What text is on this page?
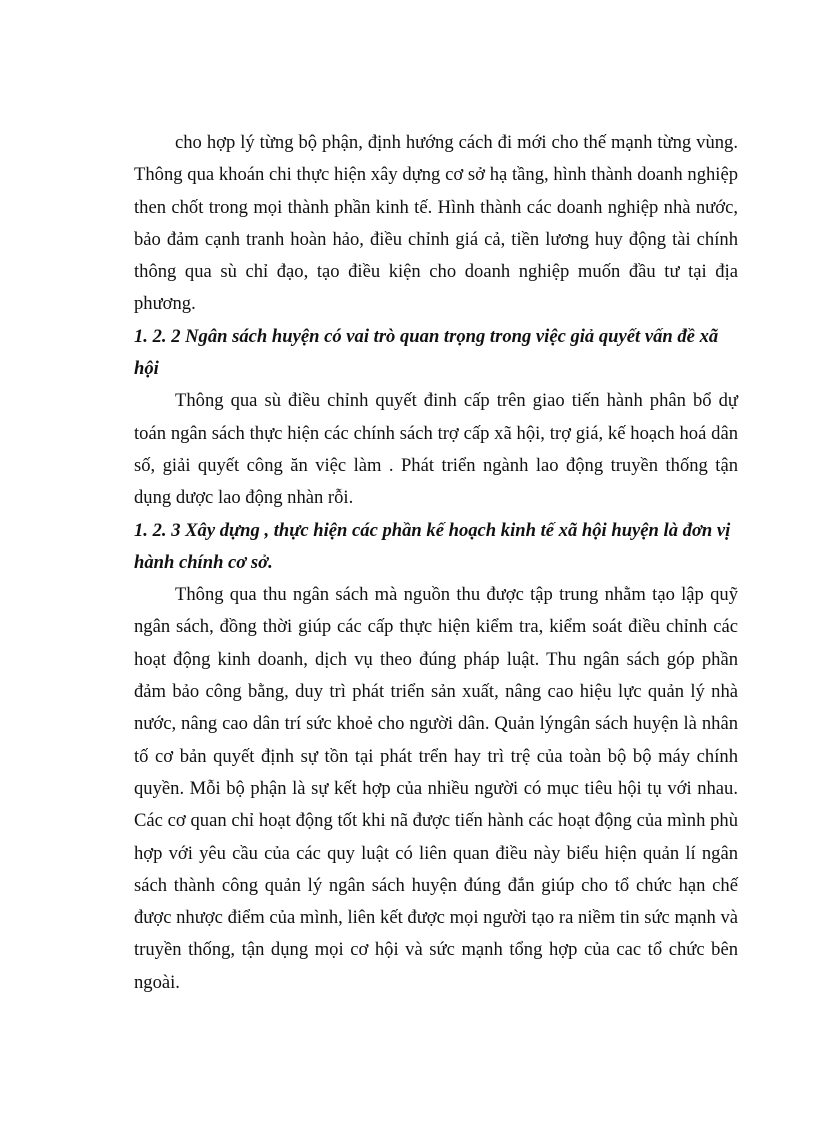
cho hợp lý từng bộ phận, định hướng cách đi mới cho thế mạnh từng vùng. Thông qua khoán chi thực hiện xây dựng cơ sở hạ tầng, hình thành doanh nghiệp then chốt trong mọi thành phần kinh tế. Hình thành các doanh nghiệp nhà nước, bảo đảm cạnh tranh hoàn hảo, điều chỉnh giá cả, tiền lương huy động tài chính thông qua sù chỉ đạo, tạo điều kiện cho doanh nghiệp muốn đầu tư tại địa phương.

1. 2. 2 Ngân sách huyện có vai trò quan trọng trong việc giả quyết vấn đề xã hội

Thông qua sù điều chỉnh quyết đinh cấp trên giao tiến hành phân bổ dự toán ngân sách thực hiện các chính sách trợ cấp xã hội, trợ giá, kế hoạch hoá dân số, giải quyết công ăn việc làm . Phát triển ngành lao động truyền thống tận dụng dược lao động nhàn rỗi.

1. 2. 3 Xây dựng , thực hiện các phần kế hoạch kinh tế xã hội huyện là đơn vị hành chính cơ sở.

Thông qua thu ngân sách mà nguồn thu được tập trung nhằm tạo lập quỹ ngân sách, đồng thời giúp các cấp thực hiện kiểm tra, kiểm soát điều chỉnh các hoạt động kinh doanh, dịch vụ theo đúng pháp luật. Thu ngân sách góp phần đảm bảo công bằng, duy trì phát triển sản xuất, nâng cao hiệu lực quản lý nhà nước, nâng cao dân trí sức khoẻ cho người dân. Quản lýngân sách huyện là nhân tố cơ bản quyết định sự tồn tại phát trển hay trì trệ của toàn bộ bộ máy chính quyền. Mỗi bộ phận là sự kết hợp của nhiều người có mục tiêu hội tụ với nhau. Các cơ quan chỉ hoạt động tốt khi nã được tiến hành các hoạt động của mình phù hợp với yêu cầu của các quy luật có liên quan điều này biểu hiện quản lí ngân sách thành công quản lý ngân sách huyện đúng đắn giúp cho tổ chức hạn chế được nhược điểm của mình, liên kết được mọi người tạo ra niềm tin sức mạnh và truyền thống, tận dụng mọi cơ hội và sức mạnh tổng hợp của cac tổ chức bên ngoài.
